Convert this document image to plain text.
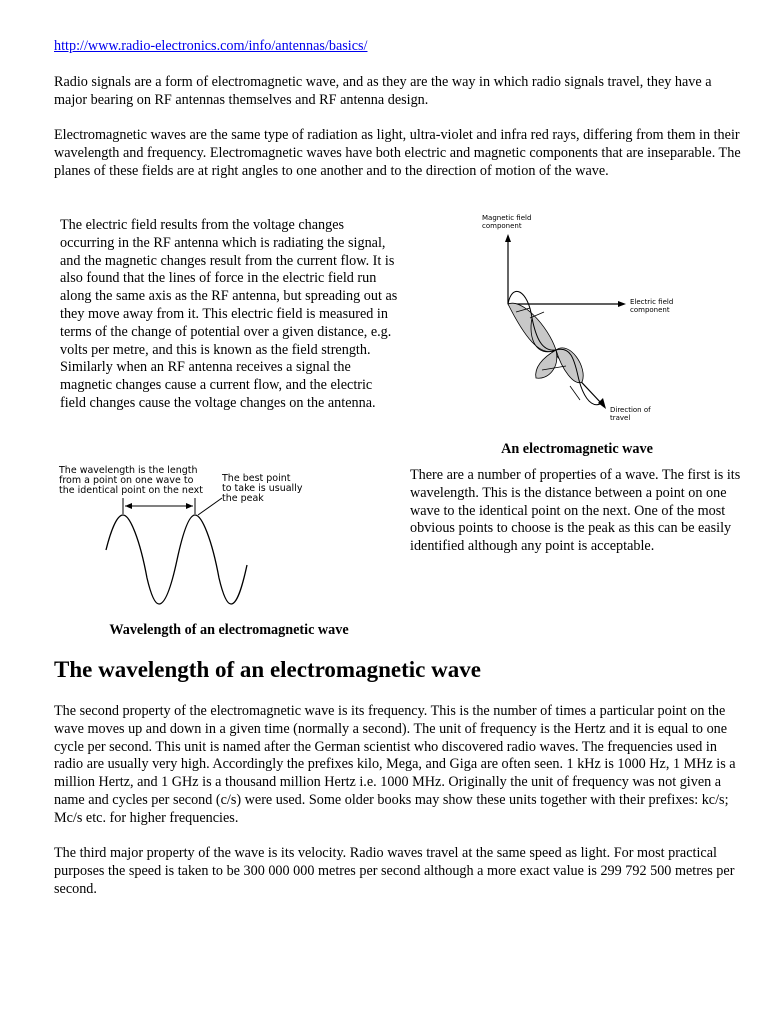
http://www.radio-electronics.com/info/antennas/basics/

Radio signals are a form of electromagnetic wave, and as they are the way in which radio signals travel, they have a major bearing on RF antennas themselves and RF antenna design.

Electromagnetic waves are the same type of radiation as light, ultra-violet and infra red rays, differing from them in their wavelength and frequency. Electromagnetic waves have both electric and magnetic components that are inseparable. The planes of these fields are at right angles to one another and to the direction of motion of the wave.

The electric field results from the voltage changes occurring in the RF antenna which is radiating the signal, and the magnetic changes result from the current flow. It is also found that the lines of force in the electric field run along the same axis as the RF antenna, but spreading out as they move away from it. This electric field is measured in terms of the change of potential over a given distance, e.g. volts per metre, and this is known as the field strength. Similarly when an RF antenna receives a signal the magnetic changes cause a current flow, and the electric field changes cause the voltage changes on the antenna.

Magnetic field
component
Electric field
component
Direction of
travel
An electromagnetic wave
The wavelength is the length
from a point on one wave to
the identical point on the next
The best point
to take is usually
the peak

There are a number of properties of a wave. The first is its wavelength. This is the distance between a point on one wave to the identical point on the next. One of the most obvious points to choose is the peak as this can be easily identified although any point is acceptable.

Wavelength of an electromagnetic wave
The wavelength of an electromagnetic wave

The second property of the electromagnetic wave is its frequency. This is the number of times a particular point on the wave moves up and down in a given time (normally a second). The unit of frequency is the Hertz and it is equal to one cycle per second. This unit is named after the German scientist who discovered radio waves. The frequencies used in radio are usually very high. Accordingly the prefixes kilo, Mega, and Giga are often seen. 1 kHz is 1000 Hz, 1 MHz is a million Hertz, and 1 GHz is a thousand million Hertz i.e. 1000 MHz. Originally the unit of frequency was not given a name and cycles per second (c/s) were used. Some older books may show these units together with their prefixes: kc/s; Mc/s etc. for higher frequencies.

The third major property of the wave is its velocity. Radio waves travel at the same speed as light. For most practical purposes the speed is taken to be 300 000 000 metres per second although a more exact value is 299 792 500 metres per second.
